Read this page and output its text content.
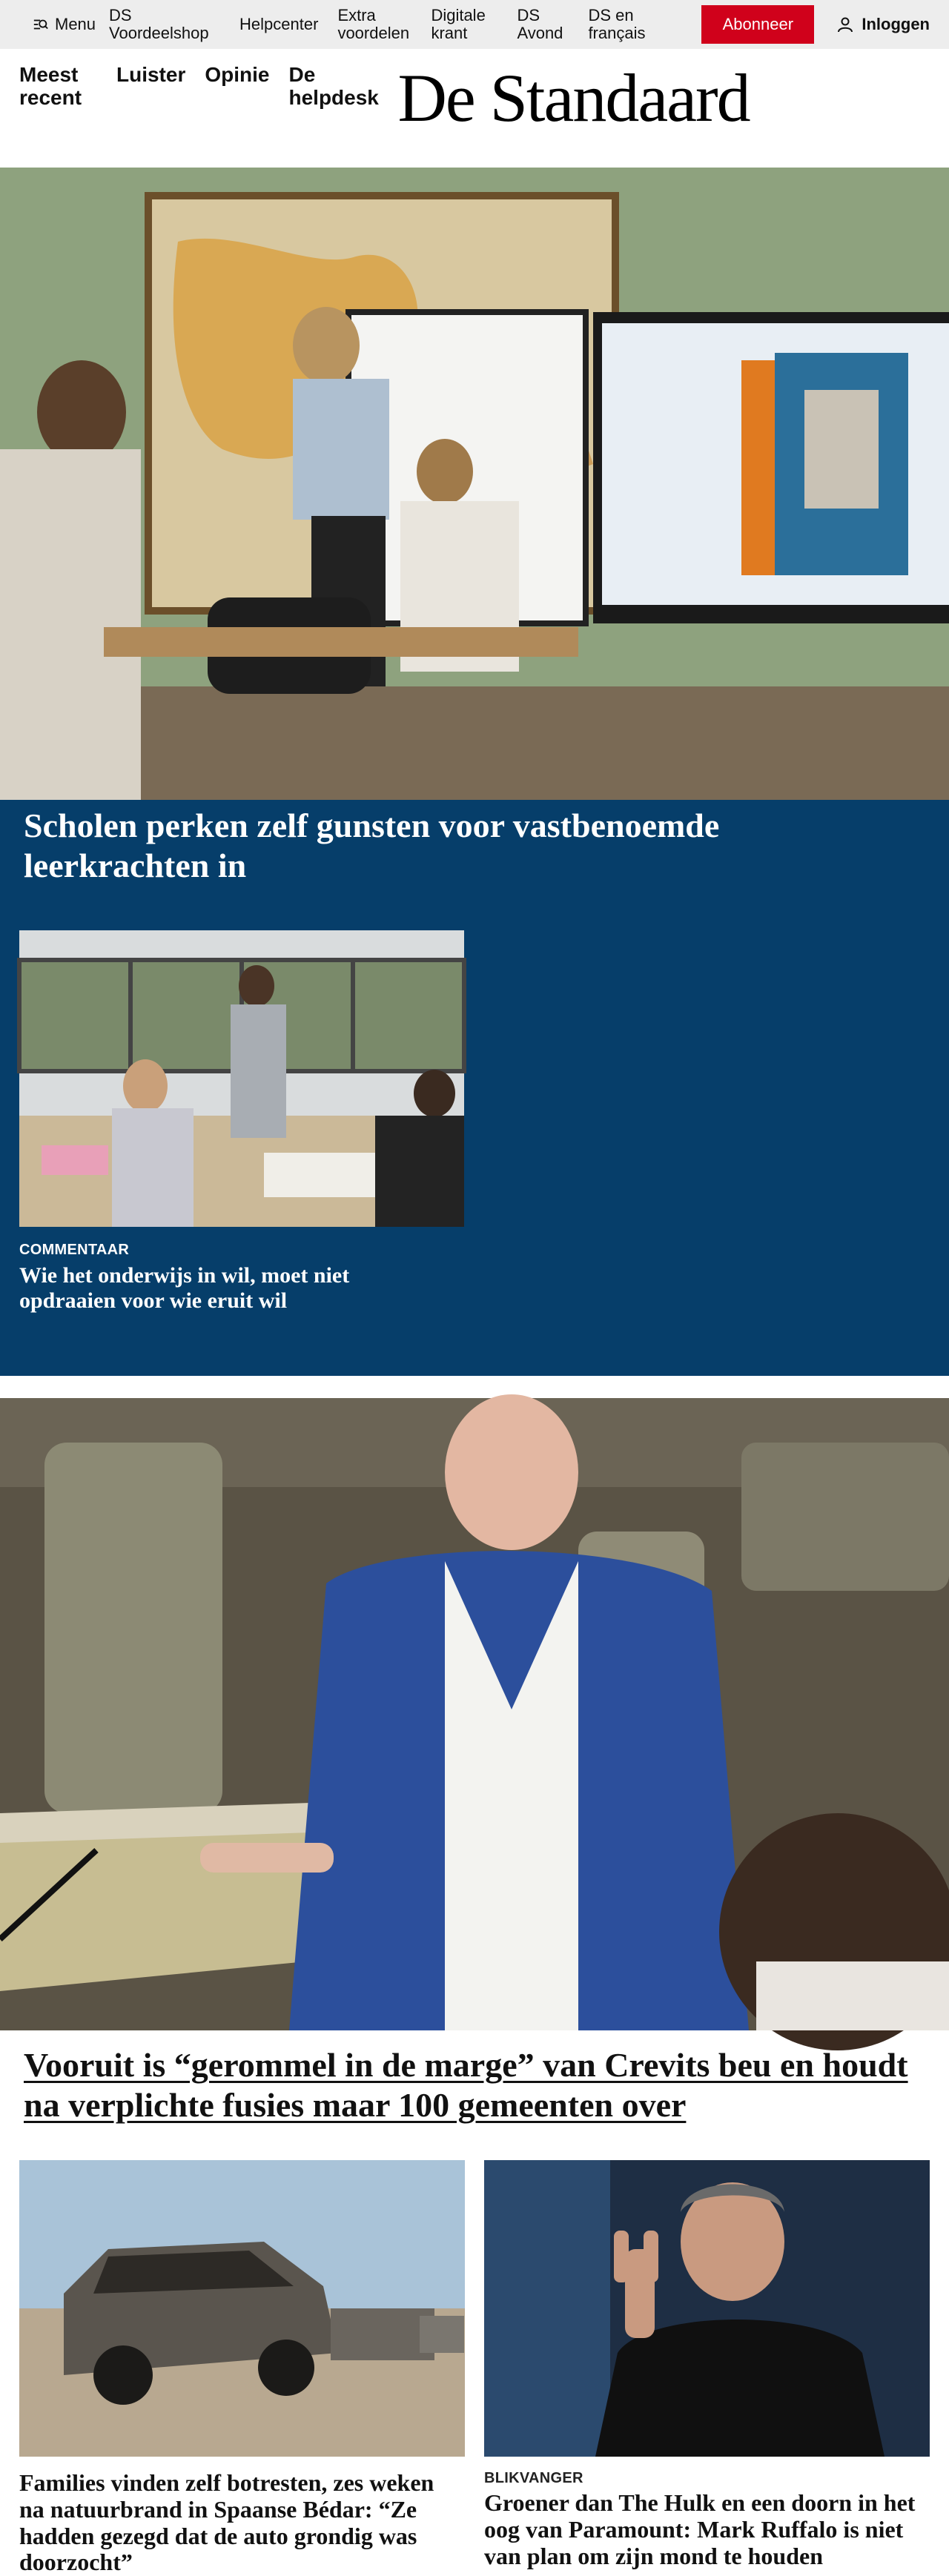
Menu DS Voordeelshop	Helpcenter Extra voordelen
Digitale krant
DS Avond
DS en français	Abonneer	Inloggen
Meest recent
Luister Opinie De helpdesk De Standaard
Scholen perken zelf gunsten voor vastbenoemde leerkrachten in
COMMENTAAR
Wie het onderwijs in wil, moet niet opdraaien voor wie eruit wil
Vooruit is “gerommel in de marge” van Crevits beu en houdt na verplichte fusies maar 100 gemeenten over
Families vinden zelf botresten, zes weken na natuurbrand in Spaanse Bédar: “Ze hadden gezegd dat de auto grondig was doorzocht”
BLIKVANGER
Groener dan The Hulk en een doorn in het oog van Paramount: Mark Ruffalo is niet van plan om zijn mond te houden
